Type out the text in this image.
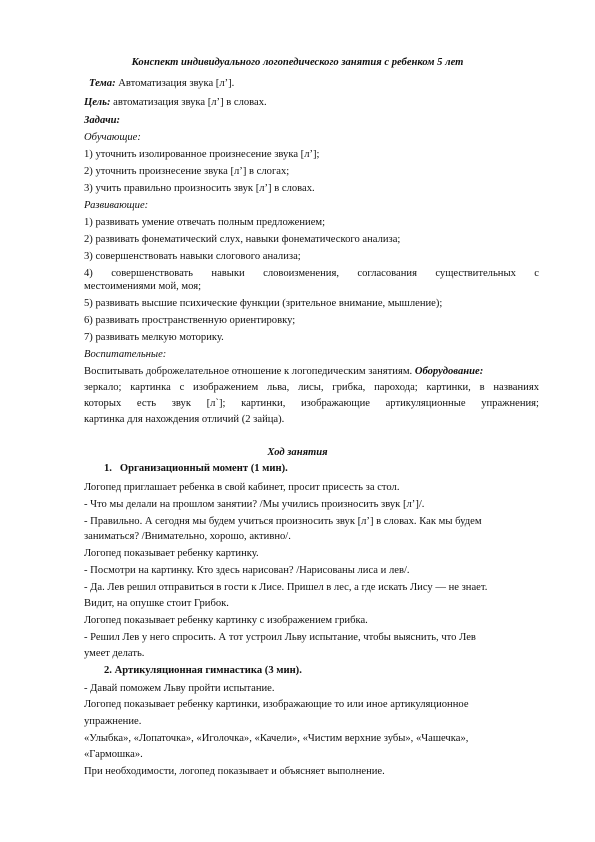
Конспект индивидуального логопедического занятия с ребенком 5 лет
Тема: Автоматизация звука [л’].
Цель: автоматизация звука [л’] в словах.
Задачи:
Обучающие:
1) уточнить изолированное произнесение звука [л’];
2) уточнить произнесение звука [л’] в слогах;
3) учить правильно произносить звук [л’] в словах.
Развивающие:
1) развивать умение отвечать полным предложением;
2) развивать фонематический слух, навыки фонематического анализа;
3) совершенствовать навыки слогового анализа;
4) совершенствовать навыки словоизменения, согласования существительных с
местоимениями мой, моя;
5) развивать высшие психические функции (зрительное внимание, мышление);
6) развивать пространственную ориентировку;
7) развивать мелкую моторику.
Воспитательные:
Воспитывать доброжелательное отношение к логопедическим занятиям. Оборудование:
зеркало; картинка с изображением льва, лисы, грибка, парохода; картинки, в названиях
которых есть звук [л`]; картинки, изображающие артикуляционные упражнения;
картинка для нахождения отличий (2 зайца).
Ход занятия
1. Организационный момент (1 мин).
Логопед приглашает ребенка в свой кабинет, просит присесть за стол.
- Что мы делали на прошлом занятии? /Мы учились произносить звук [л’]/.
- Правильно. А сегодня мы будем учиться произносить звук [л’] в словах. Как мы будем
заниматься? /Внимательно, хорошо, активно/.
Логопед показывает ребенку картинку.
- Посмотри на картинку. Кто здесь нарисован? /Нарисованы лиса и лев/.
- Да. Лев решил отправиться в гости к Лисе. Пришел в лес, а где искать Лису — не знает.
Видит, на опушке стоит Грибок.
Логопед показывает ребенку картинку с изображением грибка.
- Решил Лев у него спросить. А тот устроил Льву испытание, чтобы выяснить, что Лев
умеет делать.
2. Артикуляционная гимнастика (3 мин).
- Давай поможем Льву пройти испытание.
Логопед показывает ребенку картинки, изображающие то или иное артикуляционное
упражнение.
«Улыбка», «Лопаточка», «Иголочка», «Качели», «Чистим верхние зубы», «Чашечка»,
«Гармошка».
При необходимости, логопед показывает и объясняет выполнение.
